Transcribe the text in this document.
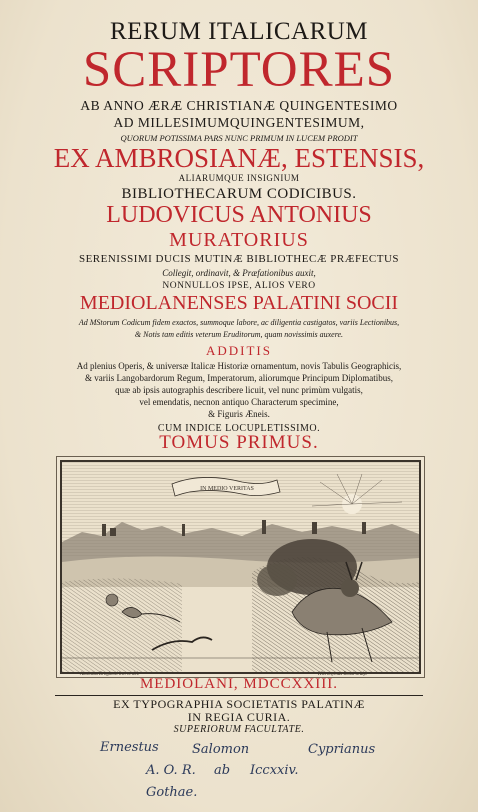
RERUM ITALICARUM
SCRIPTORES
AB ANNO ÆRÆ CHRISTIANÆ QUINGENTESIMO
AD MILLESIMUMQUINGENTESIMUM,
QUORUM POTISSIMA PARS NUNC PRIMUM IN LUCEM PRODIT
EX AMBROSIANÆ, ESTENSIS,
ALIARUMQUE INSIGNIUM
BIBLIOTHECARUM CODICIBUS.
LUDOVICUS ANTONIUS
MURATORIUS
SERENISSIMI DUCIS MUTINÆ BIBLIOTHECÆ PRÆFECTUS
Collegit, ordinavit, & Præfationibus auxit,
NONNULLOS IPSE, ALIOS VERO
MEDIOLANENSES PALATINI SOCII
Ad MStorum Codicum fidem exactos, summoque labore, ac diligentia castigatos, variis Lectionibus,
& Notis tam editis veterum Eruditorum, quam novissimis auxere.
ADDITIS
Ad plenius Operis, & universæ Italicæ Historiæ ornamentum, novis Tabulis Geographicis,
& variis Langobardorum Regum, Imperatorum, aliorumque Principum Diplomatibus,
quæ ab ipsis autographis describere licuit, vel nunc primùm vulgatis,
vel emendatis, necnon antiquo Characterum specimine,
& Figuris Æneis.
CUM INDICE LOCUPLETISSIMO.
TOMUS PRIMUS.
IN MEDIO VERITAS
Antonius Broghetti inv. et del.	Hieronymus Rossi sculp.
MEDIOLANI, MDCCXXIII.
EX TYPOGRAPHIA SOCIETATIS PALATINÆ
IN REGIA CURIA.
SUPERIORUM FACULTATE.
Ernestus	Salomon	Cyprianus
A. O. R. ab Iccxxiv.
Gothae.
